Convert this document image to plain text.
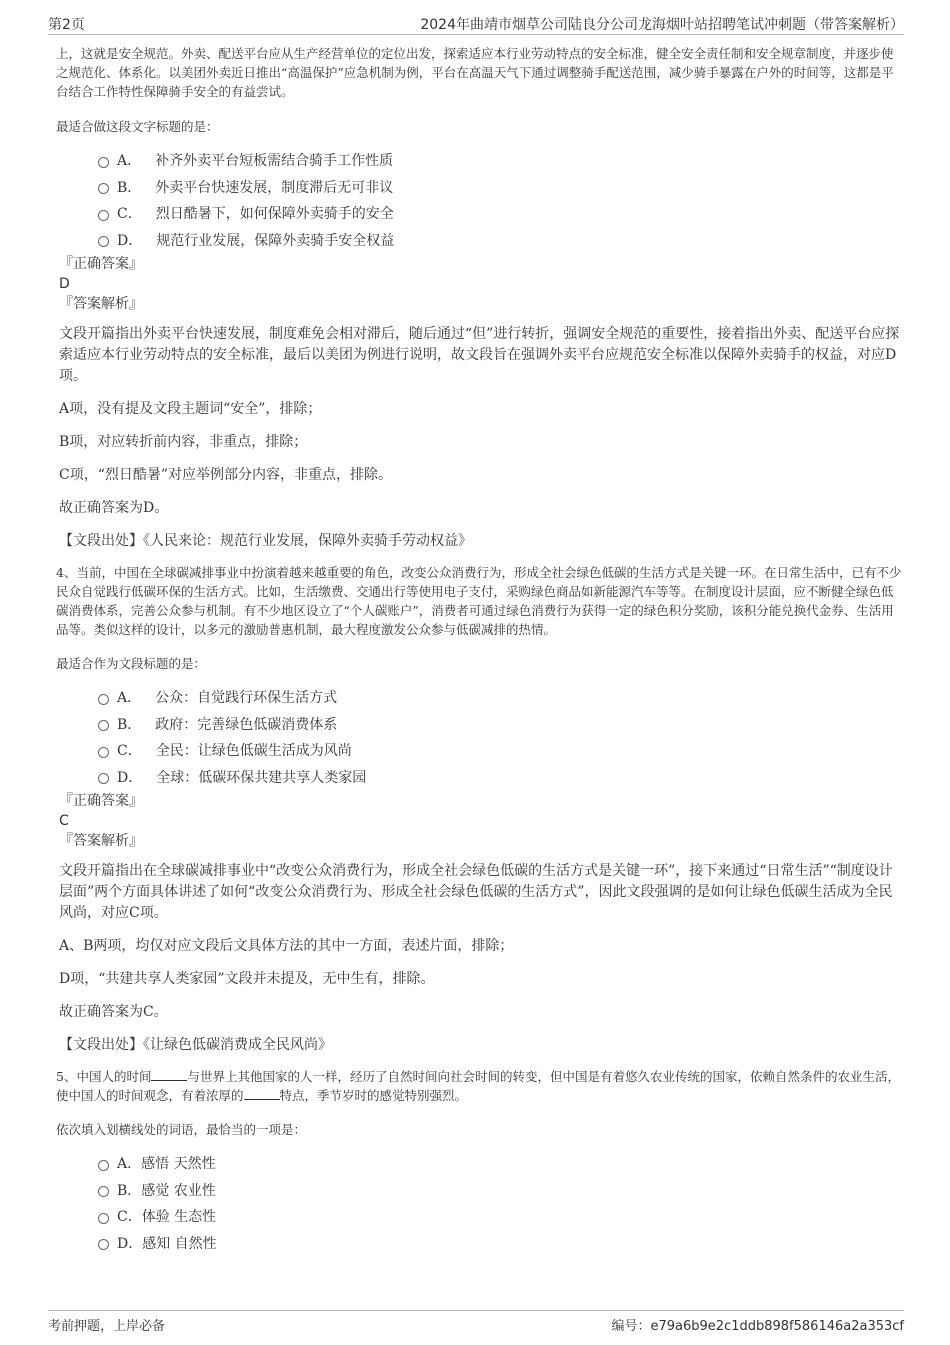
第2页	2024年曲靖市烟草公司陆良分公司龙海烟叶站招聘笔试冲刺题（带答案解析）

上，这就是安全规范。外卖、配送平台应从生产经营单位的定位出发，探索适应本行业劳动特点的安全标准，健全安全责任制和安全规章制度，并逐步使之规范化、体系化。以美团外卖近日推出“高温保护”应急机制为例，平台在高温天气下通过调整骑手配送范围，减少骑手暴露在户外的时间等，这都是平台结合工作特性保障骑手安全的有益尝试。

最适合做这段文字标题的是：

A． 补齐外卖平台短板需结合骑手工作性质
B． 外卖平台快速发展，制度滞后无可非议
C． 烈日酷暑下，如何保障外卖骑手的安全
D． 规范行业发展，保障外卖骑手安全权益

『正确答案』

D

『答案解析』

文段开篇指出外卖平台快速发展，制度难免会相对滞后，随后通过“但”进行转折，强调安全规范的重要性，接着指出外卖、配送平台应探索适应本行业劳动特点的安全标准，最后以美团为例进行说明，故文段旨在强调外卖平台应规范安全标准以保障外卖骑手的权益，对应D项。

A项，没有提及文段主题词“安全”，排除；

B项，对应转折前内容，非重点，排除；

C项，“烈日酷暑”对应举例部分内容，非重点，排除。

故正确答案为D。

【文段出处】《人民来论：规范行业发展，保障外卖骑手劳动权益》

4、当前，中国在全球碳减排事业中扮演着越来越重要的角色，改变公众消费行为，形成全社会绿色低碳的生活方式是关键一环。在日常生活中，已有不少民众自觉践行低碳环保的生活方式。比如，生活缴费、交通出行等使用电子支付，采购绿色商品如新能源汽车等等。在制度设计层面，应不断健全绿色低碳消费体系，完善公众参与机制。有不少地区设立了“个人碳账户”，消费者可通过绿色消费行为获得一定的绿色积分奖励，该积分能兑换代金券、生活用品等。类似这样的设计，以多元的激励普惠机制，最大程度激发公众参与低碳减排的热情。

最适合作为文段标题的是：

A． 公众：自觉践行环保生活方式
B． 政府：完善绿色低碳消费体系
C． 全民：让绿色低碳生活成为风尚
D． 全球：低碳环保共建共享人类家园

『正确答案』

C

『答案解析』

文段开篇指出在全球碳减排事业中“改变公众消费行为，形成全社会绿色低碳的生活方式是关键一环”，接下来通过“日常生活”“制度设计层面”两个方面具体讲述了如何“改变公众消费行为、形成全社会绿色低碳的生活方式”，因此文段强调的是如何让绿色低碳生活成为全民风尚，对应C项。

A、B两项，均仅对应文段后文具体方法的其中一方面，表述片面，排除；

D项，“共建共享人类家园”文段并未提及，无中生有，排除。

故正确答案为C。

【文段出处】《让绿色低碳消费成全民风尚》

5、中国人的时间	与世界上其他国家的人一样，经历了自然时间向社会时间的转变，但中国是有着悠久农业传统的国家，依赖自然条件的农业生活，使中国人的时间观念，有着浓厚的	特点，季节岁时的感觉特别强烈。

依次填入划横线处的词语，最恰当的一项是：

A．感悟 天然性
B．感觉 农业性
C．体验 生态性
D．感知 自然性
考前押题，上岸必备	编号：e79a6b9e2c1ddb898f586146a2a353cf
